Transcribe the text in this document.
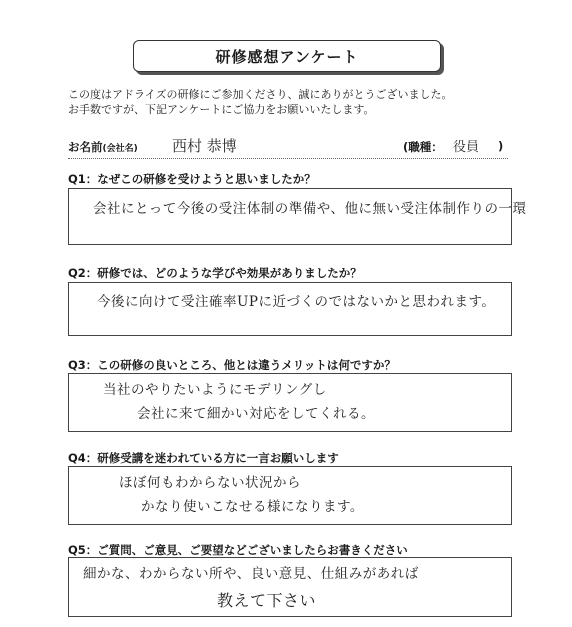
研修感想アンケート
この度はアドライズの研修にご参加くださり、誠にありがとうございました。
お手数ですが、下記アンケートにご協力をお願いいたします。
お名前(会社名) 西村 恭博	(職種： 役員 )
Q1：なぜこの研修を受けようと思いましたか？
会社にとって今後の受注体制の準備や、他に無い受注体制作りの一環
Q2：研修では、どのような学びや効果がありましたか？
今後に向けて受注確率UPに近づくのではないかと思われます。
Q3：この研修の良いところ、他とは違うメリットは何ですか？
当社のやりたいようにモデリングし
会社に来て細かい対応をしてくれる。
Q4：研修受講を迷われている方に一言お願いします
ほぼ何もわからない状況から
かなり使いこなせる様になります。
Q5：ご質問、ご意見、ご要望などございましたらお書きください
細かな、わからない所や、良い意見、仕組みがあれば
教えて下さい
